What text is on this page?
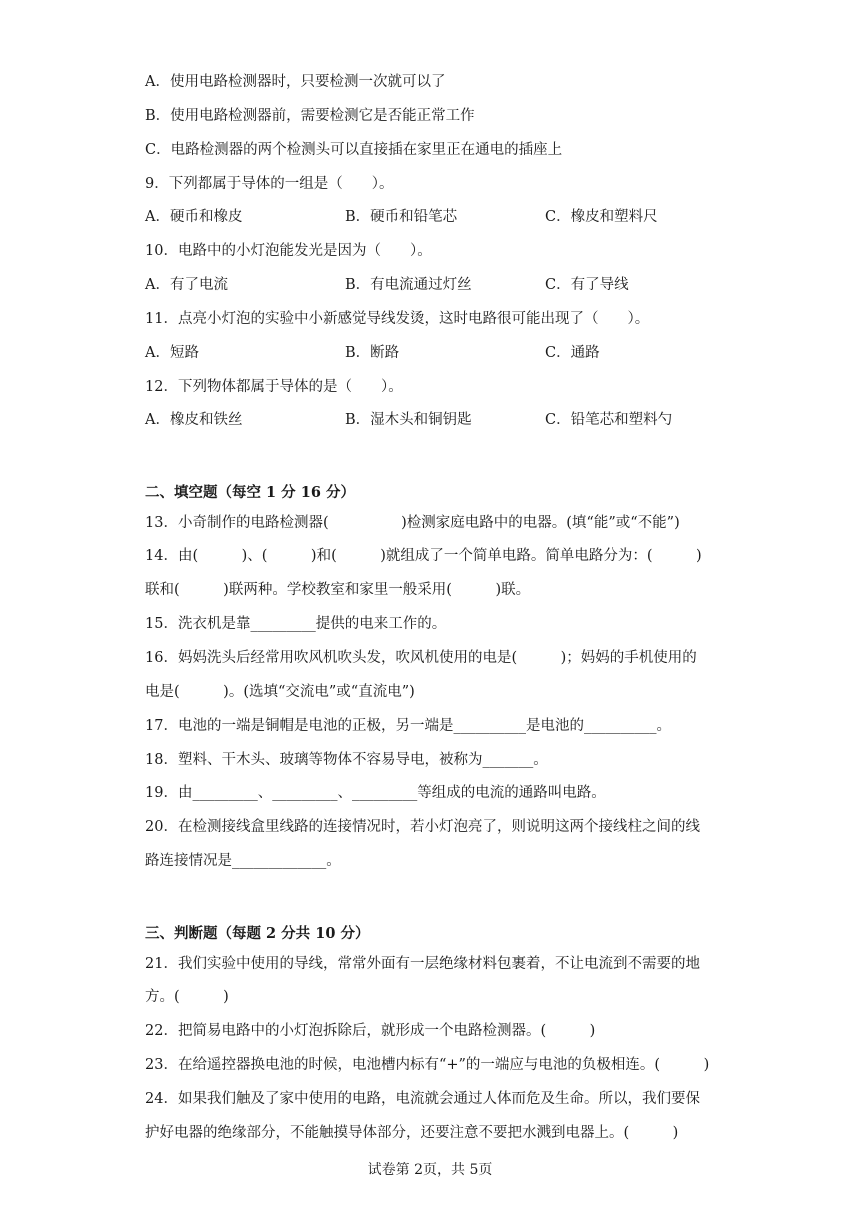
A．使用电路检测器时，只要检测一次就可以了
B．使用电路检测器前，需要检测它是否能正常工作
C．电路检测器的两个检测头可以直接插在家里正在通电的插座上
9．下列都属于导体的一组是（　　）。
A．硬币和橡皮	B．硬币和铅笔芯	C．橡皮和塑料尺
10．电路中的小灯泡能发光是因为（　　）。
A．有了电流	B．有电流通过灯丝	C．有了导线
11．点亮小灯泡的实验中小新感觉导线发烫，这时电路很可能出现了（　　）。
A．短路	B．断路	C．通路
12．下列物体都属于导体的是（　　）。
A．橡皮和铁丝	B．湿木头和铜钥匙	C．铅笔芯和塑料勺
二、填空题（每空 1 分 16 分）
13．小奇制作的电路检测器(　　　　　)检测家庭电路中的电器。(填“能”或“不能”)
14．由(　　　)、(　　　)和(　　　)就组成了一个简单电路。简单电路分为：(　　　)
联和(　　　)联两种。学校教室和家里一般采用(　　　)联。
15．洗衣机是靠_________提供的电来工作的。
16．妈妈洗头后经常用吹风机吹头发，吹风机使用的电是(　　　)；妈妈的手机使用的
电是(　　　)。(选填“交流电”或“直流电”)
17．电池的一端是铜帽是电池的正极，另一端是__________是电池的__________。
18．塑料、干木头、玻璃等物体不容易导电，被称为_______。
19．由_________、_________、_________等组成的电流的通路叫电路。
20．在检测接线盒里线路的连接情况时，若小灯泡亮了，则说明这两个接线柱之间的线
路连接情况是_____________。
三、判断题（每题 2 分共 10 分）
21．我们实验中使用的导线，常常外面有一层绝缘材料包裹着，不让电流到不需要的地
方。(　　　)
22．把简易电路中的小灯泡拆除后，就形成一个电路检测器。(　　　)
23．在给遥控器换电池的时候，电池槽内标有“+”的一端应与电池的负极相连。(　　　)
24．如果我们触及了家中使用的电路，电流就会通过人体而危及生命。所以，我们要保
护好电器的绝缘部分，不能触摸导体部分，还要注意不要把水溅到电器上。(　　　)
试卷第 2页，共 5页
